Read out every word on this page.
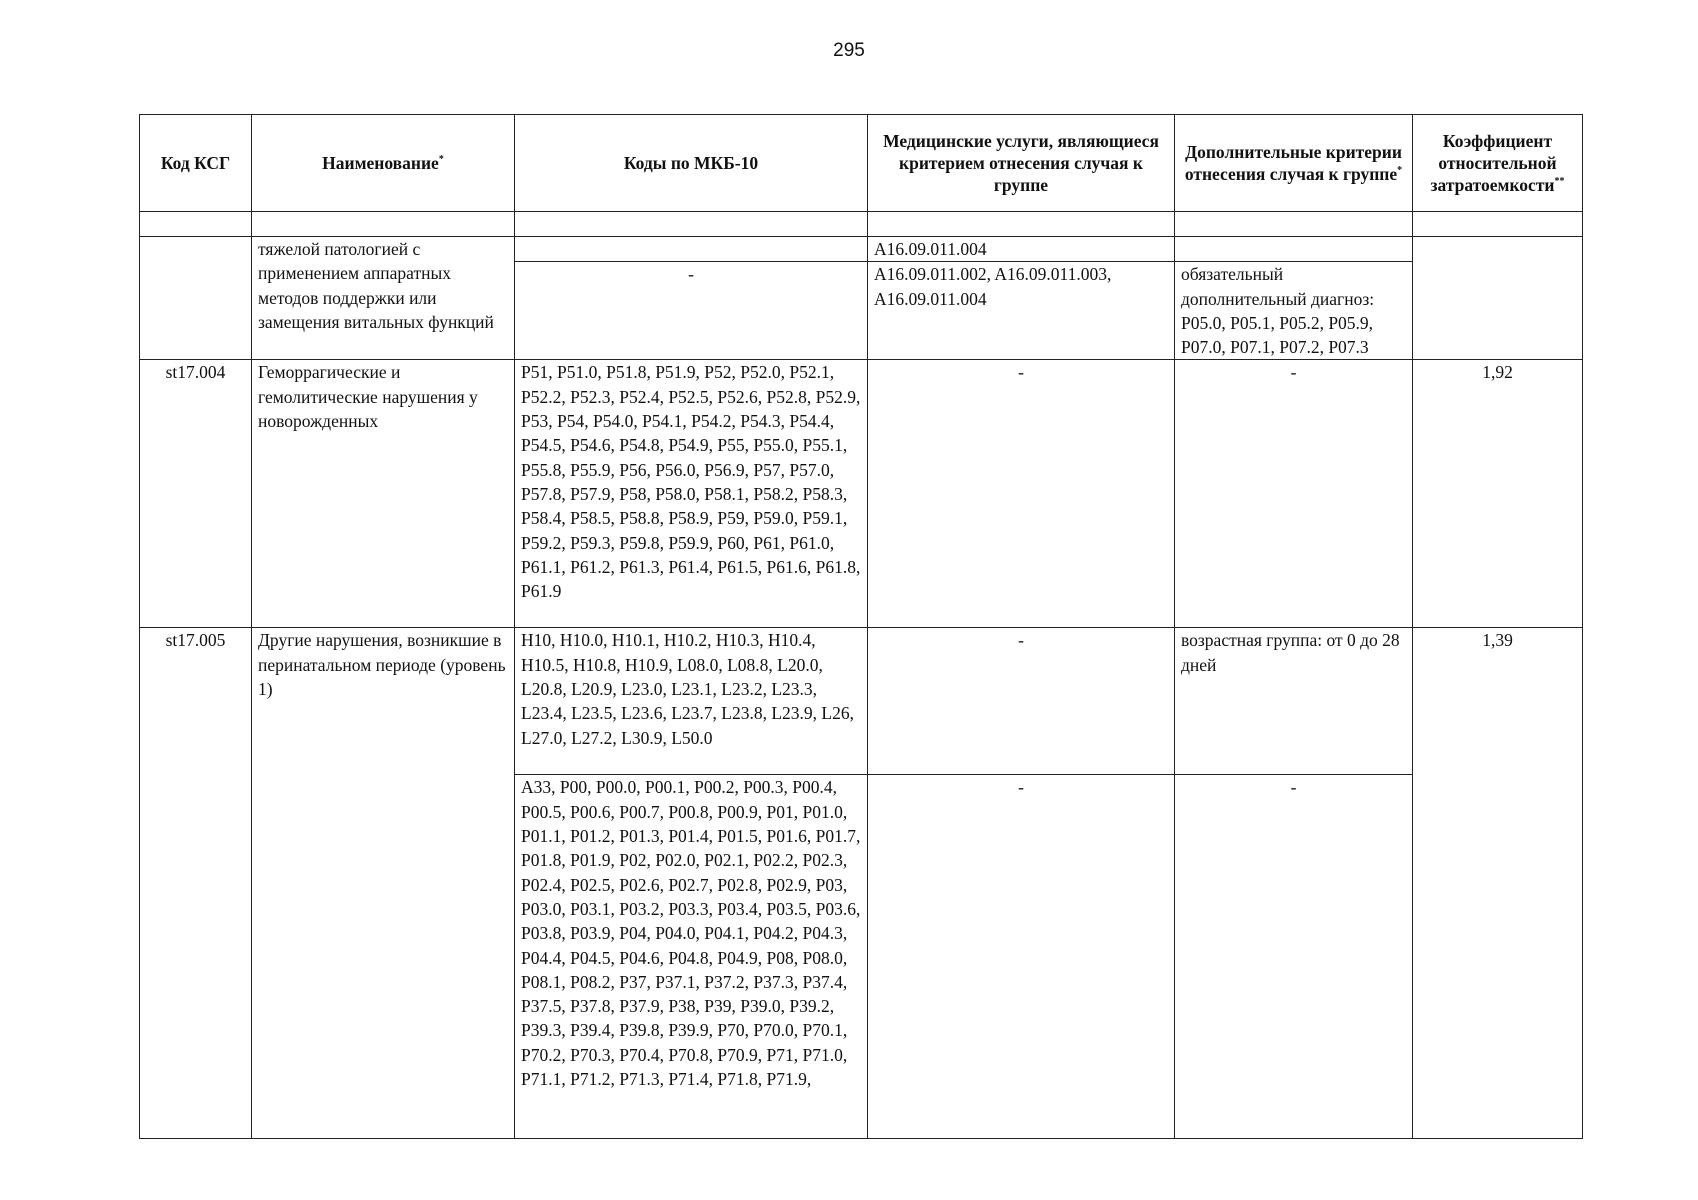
295
Код КСГ	Наименование*	Коды по МКБ-10	Медицинские услуги, являющиеся критерием отнесения случая к группе	Дополнительные критерии отнесения случая к группе*	Коэффициент относительной затратоемкости**

	тяжелой патологией с применением аппаратных методов поддержки или замещения витальных функций		A16.09.011.004		
		-	A16.09.011.002, A16.09.011.003, A16.09.011.004	обязательный дополнительный диагноз: P05.0, P05.1, P05.2, P05.9, P07.0, P07.1, P07.2, P07.3	
st17.004	Геморрагические и гемолитические нарушения у новорожденных	P51, P51.0, P51.8, P51.9, P52, P52.0, P52.1, P52.2, P52.3, P52.4, P52.5, P52.6, P52.8, P52.9, P53, P54, P54.0, P54.1, P54.2, P54.3, P54.4, P54.5, P54.6, P54.8, P54.9, P55, P55.0, P55.1, P55.8, P55.9, P56, P56.0, P56.9, P57, P57.0, P57.8, P57.9, P58, P58.0, P58.1, P58.2, P58.3, P58.4, P58.5, P58.8, P58.9, P59, P59.0, P59.1, P59.2, P59.3, P59.8, P59.9, P60, P61, P61.0, P61.1, P61.2, P61.3, P61.4, P61.5, P61.6, P61.8, P61.9	-	-	1,92
st17.005	Другие нарушения, возникшие в перинатальном периоде (уровень 1)	H10, H10.0, H10.1, H10.2, H10.3, H10.4, H10.5, H10.8, H10.9, L08.0, L08.8, L20.0, L20.8, L20.9, L23.0, L23.1, L23.2, L23.3, L23.4, L23.5, L23.6, L23.7, L23.8, L23.9, L26, L27.0, L27.2, L30.9, L50.0	-	возрастная группа: от 0 до 28 дней	1,39
		A33, P00, P00.0, P00.1, P00.2, P00.3, P00.4, P00.5, P00.6, P00.7, P00.8, P00.9, P01, P01.0, P01.1, P01.2, P01.3, P01.4, P01.5, P01.6, P01.7, P01.8, P01.9, P02, P02.0, P02.1, P02.2, P02.3, P02.4, P02.5, P02.6, P02.7, P02.8, P02.9, P03, P03.0, P03.1, P03.2, P03.3, P03.4, P03.5, P03.6, P03.8, P03.9, P04, P04.0, P04.1, P04.2, P04.3, P04.4, P04.5, P04.6, P04.8, P04.9, P08, P08.0, P08.1, P08.2, P37, P37.1, P37.2, P37.3, P37.4, P37.5, P37.8, P37.9, P38, P39, P39.0, P39.2, P39.3, P39.4, P39.8, P39.9, P70, P70.0, P70.1, P70.2, P70.3, P70.4, P70.8, P70.9, P71, P71.0, P71.1, P71.2, P71.3, P71.4, P71.8, P71.9,	-	-	
